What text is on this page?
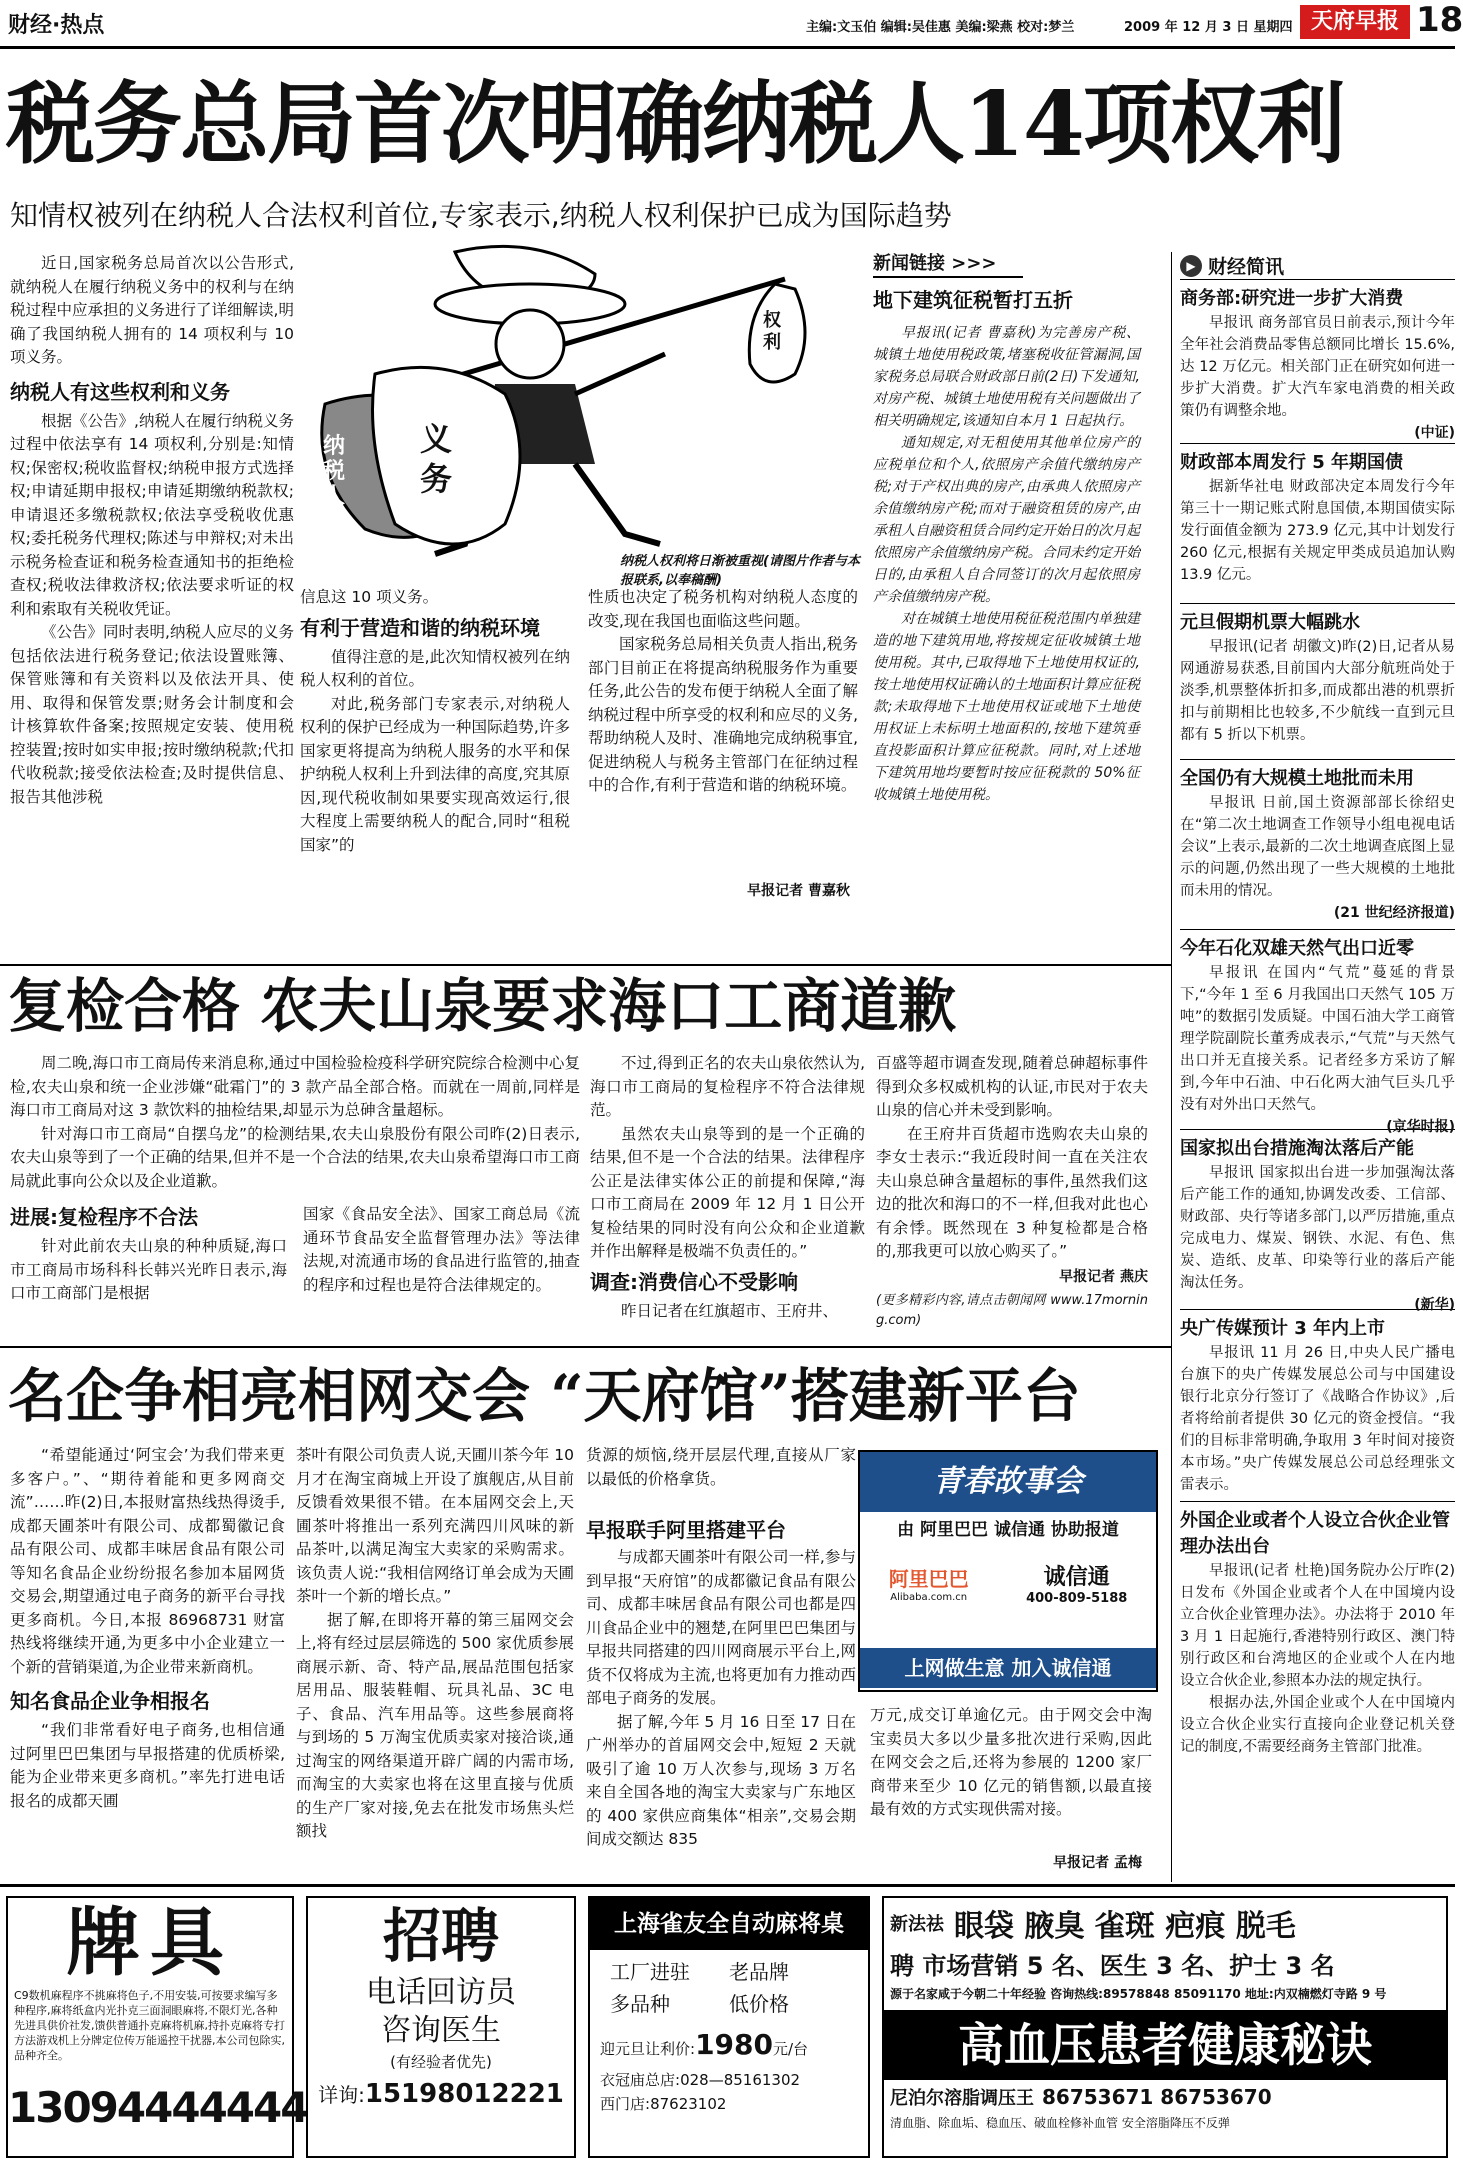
财经·热点	主编:文玉伯 编辑:吴佳惠 美编:梁燕 校对:梦兰	2009 年 12 月 3 日 星期四 天府早报 18
税务总局首次明确纳税人14项权利
知情权被列在纳税人合法权利首位,专家表示,纳税人权利保护已成为国际趋势

近日,国家税务总局首次以公告形式,就纳税人在履行纳税义务中的权利与在纳税过程中应承担的义务进行了详细解读,明确了我国纳税人拥有的 14 项权利与 10 项义务。

纳税人有这些权利和义务

根据《公告》,纳税人在履行纳税义务过程中依法享有 14 项权利,分别是:知情权;保密权;税收监督权;纳税申报方式选择权;申请延期申报权;申请延期缴纳税款权;申请退还多缴税款权;依法享受税收优惠权;委托税务代理权;陈述与申辩权;对未出示税务检查证和税务检查通知书的拒绝检查权;税收法律救济权;依法要求听证的权利和索取有关税收凭证。

《公告》同时表明,纳税人应尽的义务包括依法进行税务登记;依法设置账簿、保管账簿和有关资料以及依法开具、使用、取得和保管发票;财务会计制度和会计核算软件备案;按照规定安装、使用税控装置;按时如实申报;按时缴纳税款;代扣代收税款;接受依法检查;及时提供信息、报告其他涉税

纳税人
义务
权利
纳税人权利将日渐被重视(请图片作者与本报联系,以奉稿酬)

信息这 10 项义务。

有利于营造和谐的纳税环境

值得注意的是,此次知情权被列在纳税人权利的首位。

对此,税务部门专家表示,对纳税人权利的保护已经成为一种国际趋势,许多国家更将提高为纳税人服务的水平和保护纳税人权利上升到法律的高度,究其原因,现代税收制如果要实现高效运行,很大程度上需要纳税人的配合,同时“租税国家”的

性质也决定了税务机构对纳税人态度的改变,现在我国也面临这些问题。

国家税务总局相关负责人指出,税务部门目前正在将提高纳税服务作为重要任务,此公告的发布便于纳税人全面了解纳税过程中所享受的权利和应尽的义务,帮助纳税人及时、准确地完成纳税事宜,促进纳税人与税务主管部门在征纳过程中的合作,有利于营造和谐的纳税环境。

早报记者 曹嘉秋
新闻链接 >>>
地下建筑征税暂打五折

早报讯(记者 曹嘉秋)为完善房产税、城镇土地使用税政策,堵塞税收征管漏洞,国家税务总局联合财政部日前(2日)下发通知,对房产税、城镇土地使用税有关问题做出了相关明确规定,该通知自本月 1 日起执行。

通知规定,对无租使用其他单位房产的应税单位和个人,依照房产余值代缴纳房产税;对于产权出典的房产,由承典人依照房产余值缴纳房产税;而对于融资租赁的房产,由承租人自融资租赁合同约定开始日的次月起依照房产余值缴纳房产税。合同未约定开始日的,由承租人自合同签订的次月起依照房产余值缴纳房产税。

对在城镇土地使用税征税范围内单独建造的地下建筑用地,将按规定征收城镇土地使用税。其中,已取得地下土地使用权证的,按土地使用权证确认的土地面积计算应征税款;未取得地下土地使用权证或地下土地使用权证上未标明土地面积的,按地下建筑垂直投影面积计算应征税款。同时,对上述地下建筑用地均要暂时按应征税款的 50%征收城镇土地使用税。

▶ 财经简讯
商务部:研究进一步扩大消费

早报讯 商务部官员日前表示,预计今年全年社会消费品零售总额同比增长 15.6%,达 12 万亿元。相关部门正在研究如何进一步扩大消费。扩大汽车家电消费的相关政策仍有调整余地。

(中证)
财政部本周发行 5 年期国债

据新华社电 财政部决定本周发行今年第三十一期记账式附息国债,本期国债实际发行面值金额为 273.9 亿元,其中计划发行 260 亿元,根据有关规定甲类成员追加认购 13.9 亿元。

元旦假期机票大幅跳水

早报讯(记者 胡徽文)昨(2)日,记者从易网通游易获悉,目前国内大部分航班尚处于淡季,机票整体折扣多,而成都出港的机票折扣与前期相比也较多,不少航线一直到元旦都有 5 折以下机票。

全国仍有大规模土地批而未用

早报讯 日前,国土资源部部长徐绍史在“第二次土地调查工作领导小组电视电话会议”上表示,最新的二次土地调查底图上显示的问题,仍然出现了一些大规模的土地批而未用的情况。

(21 世纪经济报道)
今年石化双雄天然气出口近零

早报讯 在国内“气荒”蔓延的背景下,“今年 1 至 6 月我国出口天然气 105 万吨”的数据引发质疑。中国石油大学工商管理学院副院长董秀成表示,“气荒”与天然气出口并无直接关系。记者经多方采访了解到,今年中石油、中石化两大油气巨头几乎没有对外出口天然气。

(京华时报)
国家拟出台措施淘汰落后产能

早报讯 国家拟出台进一步加强淘汰落后产能工作的通知,协调发改委、工信部、财政部、央行等诸多部门,以严厉措施,重点完成电力、煤炭、钢铁、水泥、有色、焦炭、造纸、皮革、印染等行业的落后产能淘汰任务。

(新华)
央广传媒预计 3 年内上市

早报讯 11 月 26 日,中央人民广播电台旗下的央广传媒发展总公司与中国建设银行北京分行签订了《战略合作协议》,后者将给前者提供 30 亿元的资金授信。“我们的目标非常明确,争取用 3 年时间对接资本市场。”央广传媒发展总公司总经理张文雷表示。

外国企业或者个人设立合伙企业管理办法出台

早报讯(记者 杜艳)国务院办公厅昨(2)日发布《外国企业或者个人在中国境内设立合伙企业管理办法》。办法将于 2010 年 3 月 1 日起施行,香港特别行政区、澳门特别行政区和台湾地区的企业或个人在内地设立合伙企业,参照本办法的规定执行。

根据办法,外国企业或个人在中国境内设立合伙企业实行直接向企业登记机关登记的制度,不需要经商务主管部门批准。

复检合格 农夫山泉要求海口工商道歉

周二晚,海口市工商局传来消息称,通过中国检验检疫科学研究院综合检测中心复检,农夫山泉和统一企业涉嫌“砒霜门”的 3 款产品全部合格。而就在一周前,同样是海口市工商局对这 3 款饮料的抽检结果,却显示为总砷含量超标。

针对海口市工商局“自摆乌龙”的检测结果,农夫山泉股份有限公司昨(2)日表示,农夫山泉等到了一个正确的结果,但并不是一个合法的结果,农夫山泉希望海口市工商局就此事向公众以及企业道歉。

进展:复检程序不合法

针对此前农夫山泉的种种质疑,海口市工商局市场科科长韩兴光昨日表示,海口市工商部门是根据

国家《食品安全法》、国家工商总局《流通环节食品安全监督管理办法》等法律法规,对流通市场的食品进行监管的,抽查的程序和过程也是符合法律规定的。

不过,得到正名的农夫山泉依然认为,海口市工商局的复检程序不符合法律规范。

虽然农夫山泉等到的是一个正确的结果,但不是一个合法的结果。法律程序公正是法律实体公正的前提和保障,“海口市工商局在 2009 年 12 月 1 日公开复检结果的同时没有向公众和企业道歉并作出解释是极端不负责任的。”

调查:消费信心不受影响

昨日记者在红旗超市、王府井、

百盛等超市调查发现,随着总砷超标事件得到众多权威机构的认证,市民对于农夫山泉的信心并未受到影响。

在王府井百货超市选购农夫山泉的李女士表示:“我近段时间一直在关注农夫山泉总砷含量超标的事件,虽然我们这边的批次和海口的不一样,但我对此也心有余悸。既然现在 3 种复检都是合格的,那我更可以放心购买了。”

早报记者 燕庆
(更多精彩内容,请点击朝闻网 www.17morning.com)
名企争相亮相网交会 “天府馆”搭建新平台

“希望能通过‘阿宝会’为我们带来更多客户。”、“期待着能和更多网商交流”……昨(2)日,本报财富热线热得烫手,成都天圃茶叶有限公司、成都蜀徽记食品有限公司、成都丰味居食品有限公司等知名食品企业纷纷报名参加本届网货交易会,期望通过电子商务的新平台寻找更多商机。今日,本报 86968731 财富热线将继续开通,为更多中小企业建立一个新的营销渠道,为企业带来新商机。

知名食品企业争相报名

“我们非常看好电子商务,也相信通过阿里巴巴集团与早报搭建的优质桥梁,能为企业带来更多商机。”率先打进电话报名的成都天圃

茶叶有限公司负责人说,天圃川茶今年 10 月才在淘宝商城上开设了旗舰店,从目前反馈看效果很不错。在本届网交会上,天圃茶叶将推出一系列充满四川风味的新品茶叶,以满足淘宝大卖家的采购需求。该负责人说:“我相信网络订单会成为天圃茶叶一个新的增长点。”

据了解,在即将开幕的第三届网交会上,将有经过层层筛选的 500 家优质参展商展示新、奇、特产品,展品范围包括家居用品、服装鞋帽、玩具礼品、3C 电子、食品、汽车用品等。这些参展商将与到场的 5 万淘宝优质卖家对接洽谈,通过淘宝的网络渠道开辟广阔的内需市场,而淘宝的大卖家也将在这里直接与优质的生产厂家对接,免去在批发市场焦头烂额找

货源的烦恼,绕开层层代理,直接从厂家以最低的价格拿货。	青春故事会
由 阿里巴巴 诚信通 协助报道
阿里巴巴
Alibaba.com.cn
诚信通
400-809-5188
上网做生意 加入诚信通
早报联手阿里搭建平台

与成都天圃茶叶有限公司一样,参与到早报“天府馆”的成都徽记食品有限公司、成都丰味居食品有限公司也都是四川食品企业中的翘楚,在阿里巴巴集团与早报共同搭建的四川网商展示平台上,网货不仅将成为主流,也将更加有力推动西部电子商务的发展。

据了解,今年 5 月 16 日至 17 日在广州举办的首届网交会中,短短 2 天就吸引了逾 10 万人次参与,现场 3 万名来自全国各地的淘宝大卖家与广东地区的 400 家供应商集体“相亲”,交易会期间成交额达 835

万元,成交订单逾亿元。由于网交会中淘宝卖员大多以少量多批次进行采购,因此在网交会之后,还将为参展的 1200 家厂商带来至少 10 亿元的销售额,以最直接最有效的方式实现供需对接。

早报记者 孟梅
牌具
C9数机麻程序不挑麻将色子,不用安装,可按要求编写多种程序,麻将纸盒内光扑克三面洞眼麻将,不限灯光,各种先进具供价社发,馈供普通扑克麻将机麻,持扑克麻将专打方法游戏机上分牌定位传万能遥控干扰器,本公司包除实,品种齐全。
13094444444
招聘
电话回访员
咨询医生
(有经验者优先)
详询:15198012221
上海雀友全自动麻将桌
工厂进驻	老品牌
多品种	低价格
迎元旦让利价:1980元/台
衣冠庙总店:028—85161302
西门店:87623102
新法祛 眼袋 腋臭 雀斑 疤痕 脱毛
聘 市场营销 5 名、医生 3 名、护士 3 名
源于名家咸于今朝二十年经验 咨询热线:89578848 85091170 地址:内双楠燃灯寺路 9 号
高血压患者健康秘诀
尼泊尔溶脂调压王 86753671 86753670
清血脂、除血垢、稳血压、破血栓修补血管 安全溶脂降压不反弹
